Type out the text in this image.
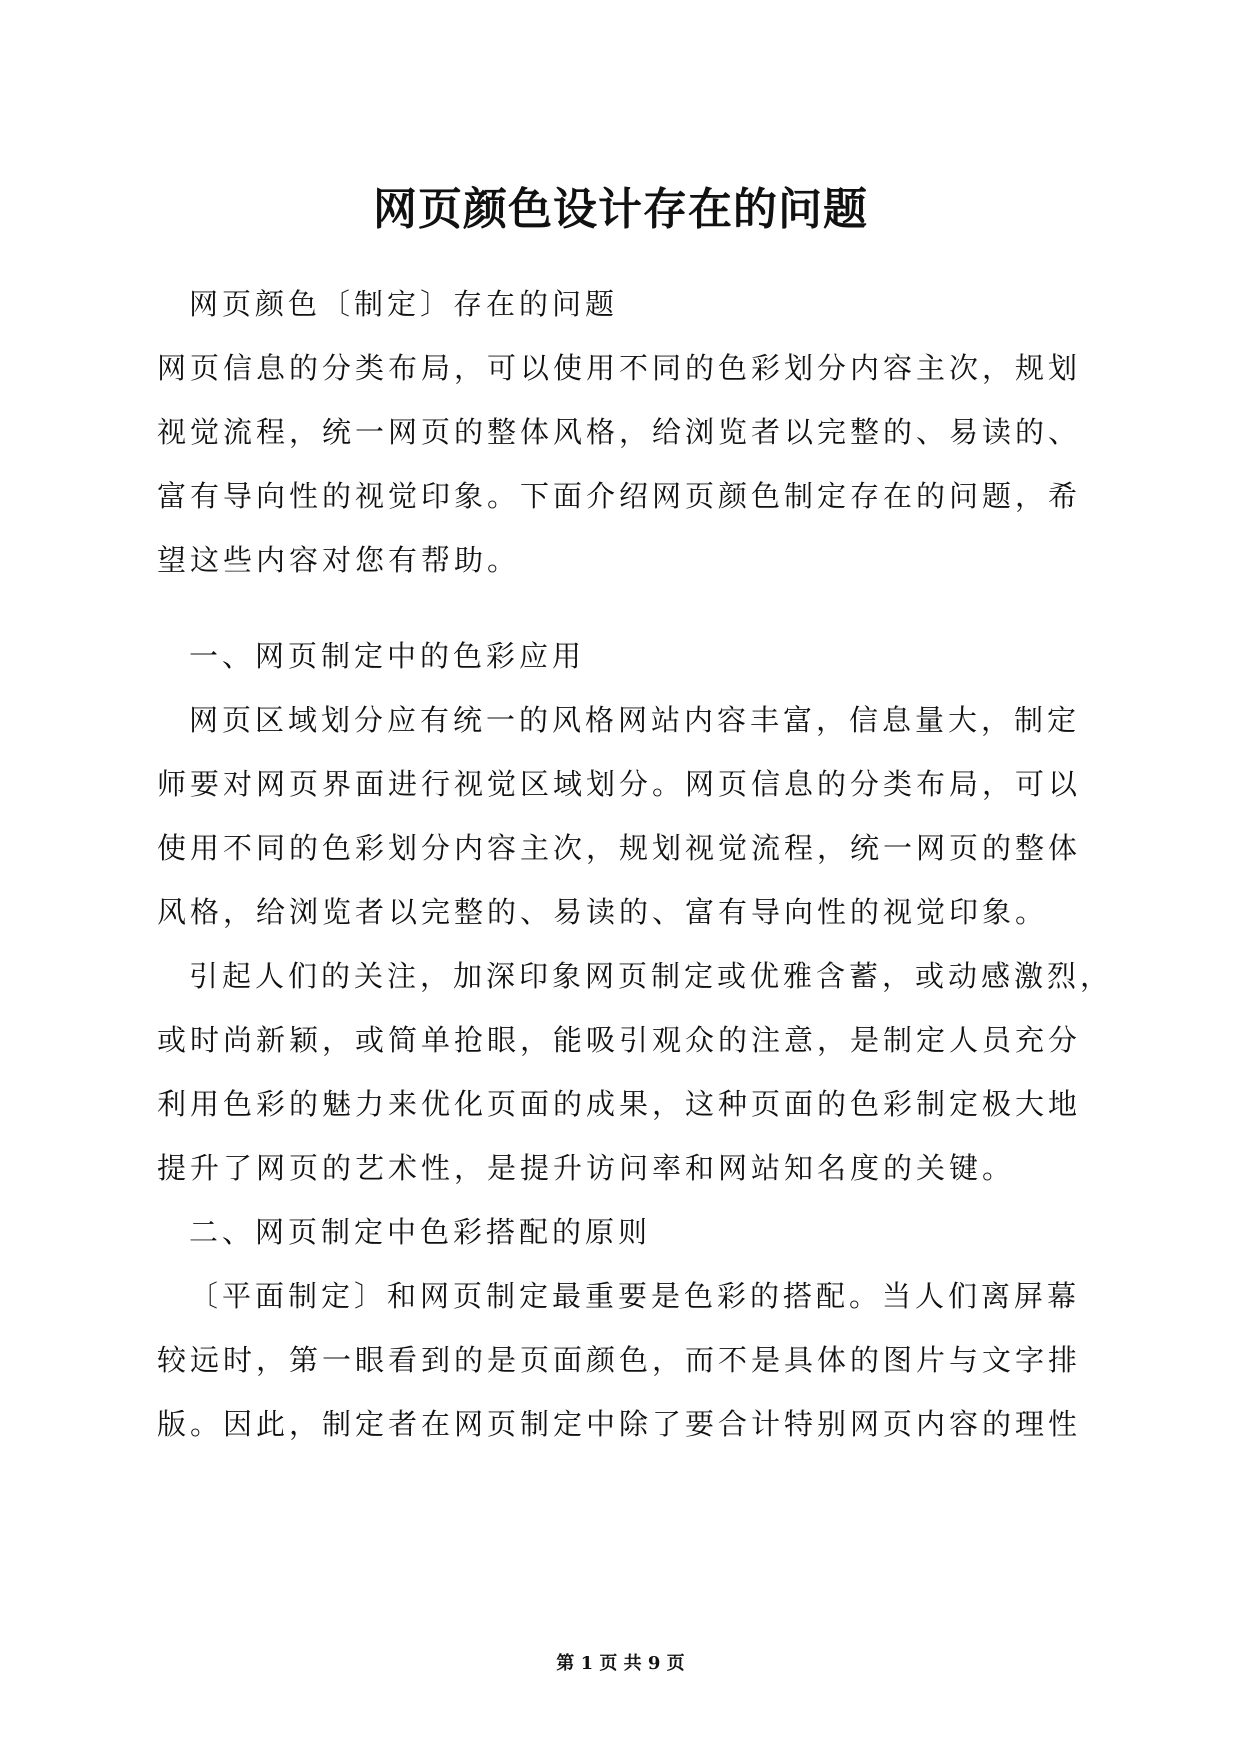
网页颜色设计存在的问题
网页颜色〔制定〕存在的问题
网页信息的分类布局，可以使用不同的色彩划分内容主次，规划
视觉流程，统一网页的整体风格，给浏览者以完整的、易读的、
富有导向性的视觉印象。下面介绍网页颜色制定存在的问题，希
望这些内容对您有帮助。
一、网页制定中的色彩应用
网页区域划分应有统一的风格网站内容丰富，信息量大，制定
师要对网页界面进行视觉区域划分。网页信息的分类布局，可以
使用不同的色彩划分内容主次，规划视觉流程，统一网页的整体
风格，给浏览者以完整的、易读的、富有导向性的视觉印象。
引起人们的关注，加深印象网页制定或优雅含蓄，或动感激烈，
或时尚新颖，或简单抢眼，能吸引观众的注意，是制定人员充分
利用色彩的魅力来优化页面的成果，这种页面的色彩制定极大地
提升了网页的艺术性，是提升访问率和网站知名度的关键。
二、网页制定中色彩搭配的原则
〔平面制定〕和网页制定最重要是色彩的搭配。当人们离屏幕
较远时，第一眼看到的是页面颜色，而不是具体的图片与文字排
版。因此，制定者在网页制定中除了要合计特别网页内容的理性
第 1 页 共 9 页
